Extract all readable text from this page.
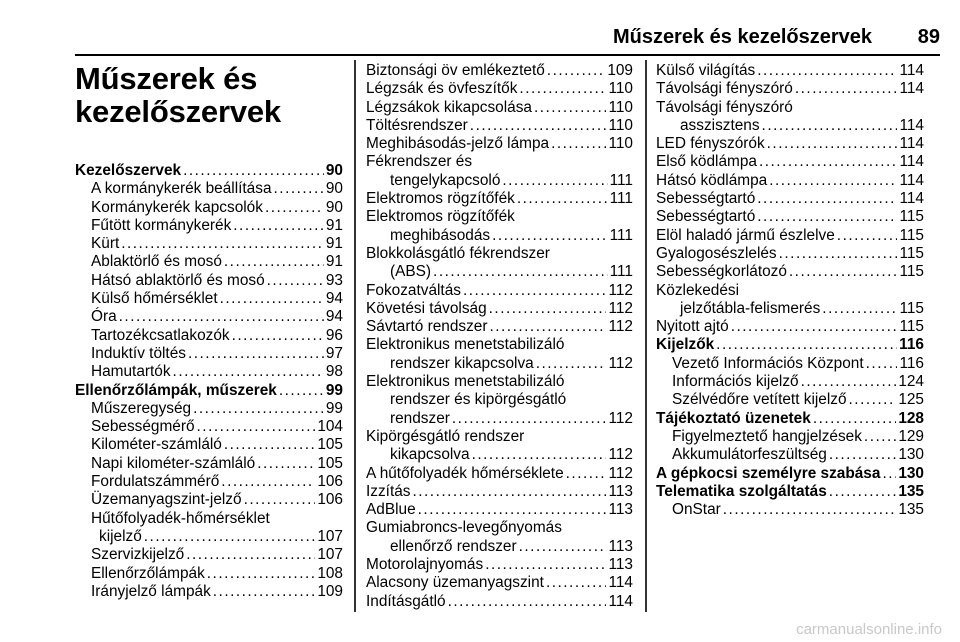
Műszerek és kezelőszervek 89
Műszerek és
kezelőszervek
Kezelőszervek .....	90
A kormánykerék beállítása .....	90
Kormánykerék kapcsolók .....	90
Fűtött kormánykerék .....	91
Kürt .....	91
Ablaktörlő és mosó .....	91
Hátsó ablaktörlő és mosó .....	93
Külső hőmérséklet .....	94
Óra .....	94
Tartozékcsatlakozók .....	96
Induktív töltés .....	97
Hamutartók .....	98
Ellenőrzőlámpák, műszerek .....	99
Műszeregység .....	99
Sebességmérő .....	104
Kilométer-számláló .....	105
Napi kilométer-számláló .....	105
Fordulatszámmérő .....	106
Üzemanyagszint-jelző .....	106
Hűtőfolyadék-hőmérséklet
kijelző .....	107
Szervizkijelző .....	107
Ellenőrzőlámpák .....	108
Irányjelző lámpák .....	109
Biztonsági öv emlékeztető .....	109
Légzsák és övfeszítők .....	110
Légzsákok kikapcsolása .....	110
Töltésrendszer .....	110
Meghibásodás-jelző lámpa .....	110
Fékrendszer és
tengelykapcsoló .....	111
Elektromos rögzítőfék .....	111
Elektromos rögzítőfék
meghibásodás .....	111
Blokkolásgátló fékrendszer
(ABS) .....	111
Fokozatváltás .....	112
Követési távolság .....	112
Sávtartó rendszer .....	112
Elektronikus menetstabilizáló
rendszer kikapcsolva .....	112
Elektronikus menetstabilizáló
rendszer és kipörgésgátló
rendszer .....	112
Kipörgésgátló rendszer
kikapcsolva .....	112
A hűtőfolyadék hőmérséklete .....	112
Izzítás .....	113
AdBlue .....	113
Gumiabroncs-levegőnyomás
ellenőrző rendszer .....	113
Motorolajnyomás .....	113
Alacsony üzemanyagszint .....	114
Indításgátló .....	114
Külső világítás .....	114
Távolsági fényszóró .....	114
Távolsági fényszóró
asszisztens .....	114
LED fényszórók .....	114
Első ködlámpa .....	114
Hátsó ködlámpa .....	114
Sebességtartó .....	114
Sebességtartó .....	115
Elöl haladó jármű észlelve .....	115
Gyalogosészlelés .....	115
Sebességkorlátozó .....	115
Közlekedési
jelzőtábla-felismerés .....	115
Nyitott ajtó .....	115
Kijelzők .....	116
Vezető Információs Központ ..... 116
Információs kijelző .....	124
Szélvédőre vetített kijelző .....	125
Tájékoztató üzenetek .....	128
Figyelmeztető hangjelzések ..... 129
Akkumulátorfeszültség .....	130
A gépkocsi személyre szabása ..... 130
Telematika szolgáltatás .....	135
OnStar .....	135
carmanualsonline.info
